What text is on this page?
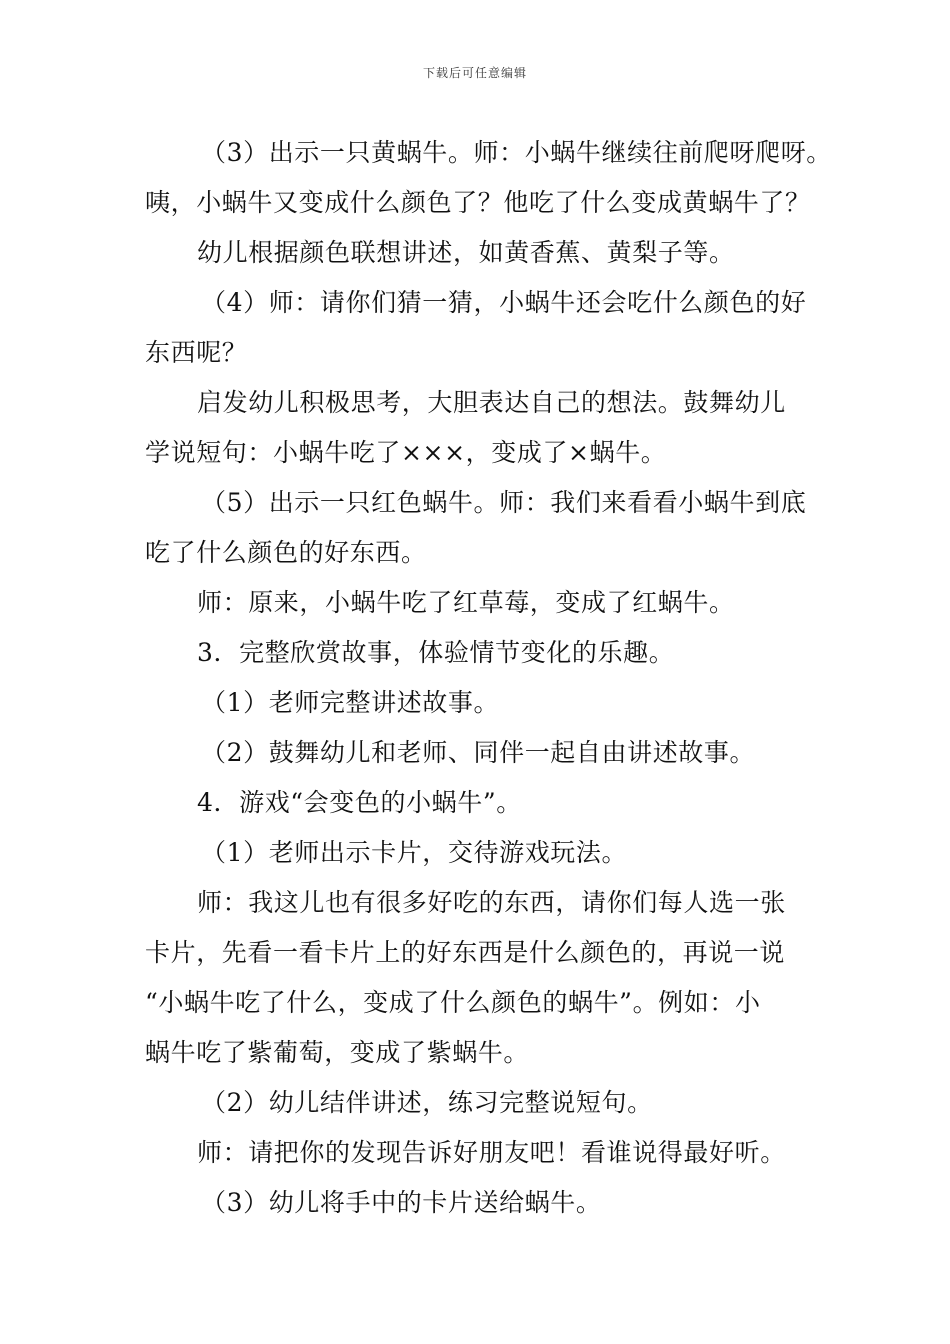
下载后可任意编辑
（3）出示一只黄蜗牛。师：小蜗牛继续往前爬呀爬呀。
咦，小蜗牛又变成什么颜色了？他吃了什么变成黄蜗牛了？
幼儿根据颜色联想讲述，如黄香蕉、黄梨子等。
（4）师：请你们猜一猜，小蜗牛还会吃什么颜色的好
东西呢？
启发幼儿积极思考，大胆表达自己的想法。鼓舞幼儿
学说短句：小蜗牛吃了×××，变成了×蜗牛。
（5）出示一只红色蜗牛。师：我们来看看小蜗牛到底
吃了什么颜色的好东西。
师：原来，小蜗牛吃了红草莓，变成了红蜗牛。
3．完整欣赏故事，体验情节变化的乐趣。
（1）老师完整讲述故事。
（2）鼓舞幼儿和老师、同伴一起自由讲述故事。
4．游戏“会变色的小蜗牛”。
（1）老师出示卡片，交待游戏玩法。
师：我这儿也有很多好吃的东西，请你们每人选一张
卡片，先看一看卡片上的好东西是什么颜色的，再说一说
“小蜗牛吃了什么，变成了什么颜色的蜗牛”。例如：小
蜗牛吃了紫葡萄，变成了紫蜗牛。
（2）幼儿结伴讲述，练习完整说短句。
师：请把你的发现告诉好朋友吧！看谁说得最好听。
（3）幼儿将手中的卡片送给蜗牛。
